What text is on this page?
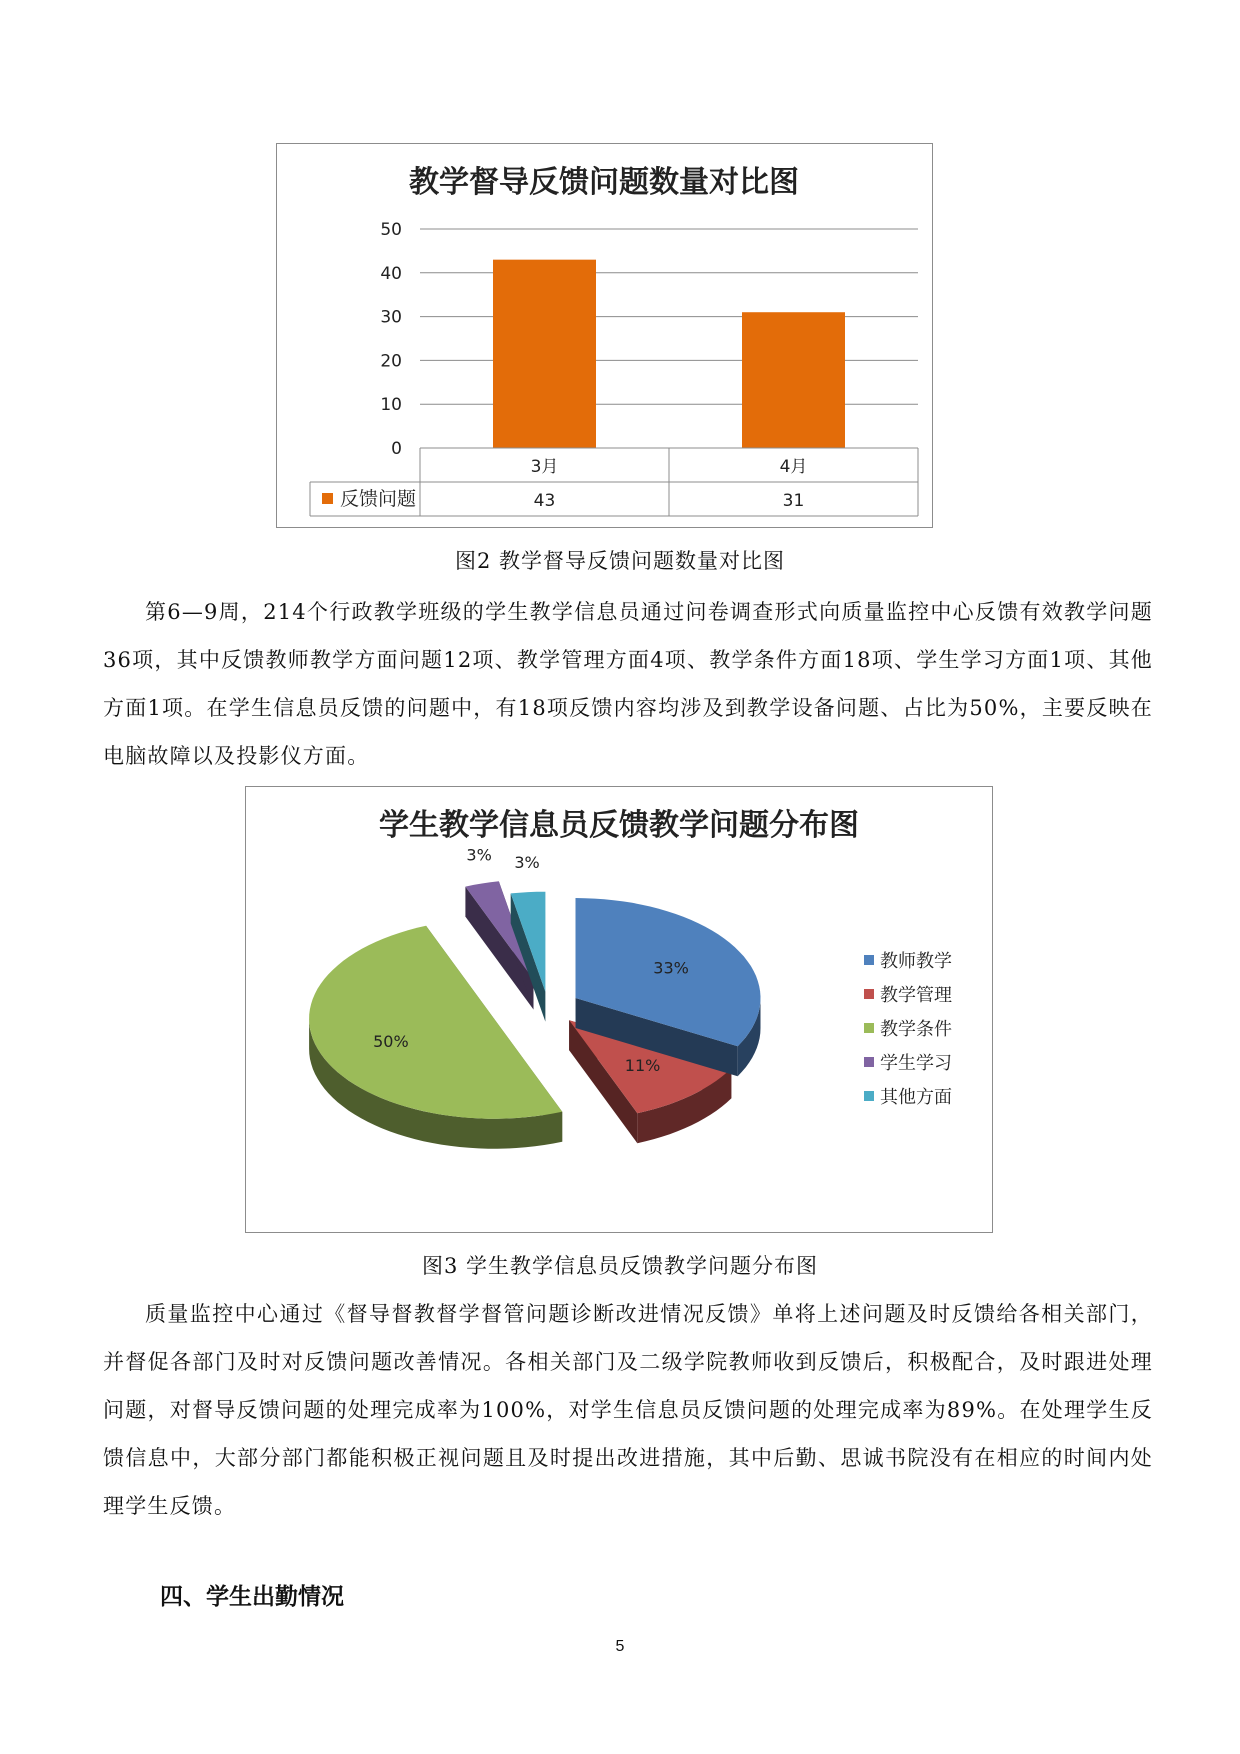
教学督导反馈问题数量对比图
0
10
20
30
40
50
3月
43
4月
31
反馈问题
图2 教学督导反馈问题数量对比图

第6—9周，214个行政教学班级的学生教学信息员通过问卷调查形式向质量监控中心反馈有效教学问题36项，其中反馈教师教学方面问题12项、教学管理方面4项、教学条件方面18项、学生学习方面1项、其他方面1项。在学生信息员反馈的问题中，有18项反馈内容均涉及到教学设备问题、占比为50%，主要反映在电脑故障以及投影仪方面。

学生教学信息员反馈教学问题分布图
33%
11%
50%
3% 3%
教师教学
教学管理
教学条件
学生学习
其他方面
图3 学生教学信息员反馈教学问题分布图

质量监控中心通过《督导督教督学督管问题诊断改进情况反馈》单将上述问题及时反馈给各相关部门，并督促各部门及时对反馈问题改善情况。各相关部门及二级学院教师收到反馈后，积极配合，及时跟进处理问题，对督导反馈问题的处理完成率为100%，对学生信息员反馈问题的处理完成率为89%。在处理学生反馈信息中，大部分部门都能积极正视问题且及时提出改进措施，其中后勤、思诚书院没有在相应的时间内处理学生反馈。

四、学生出勤情况
5
